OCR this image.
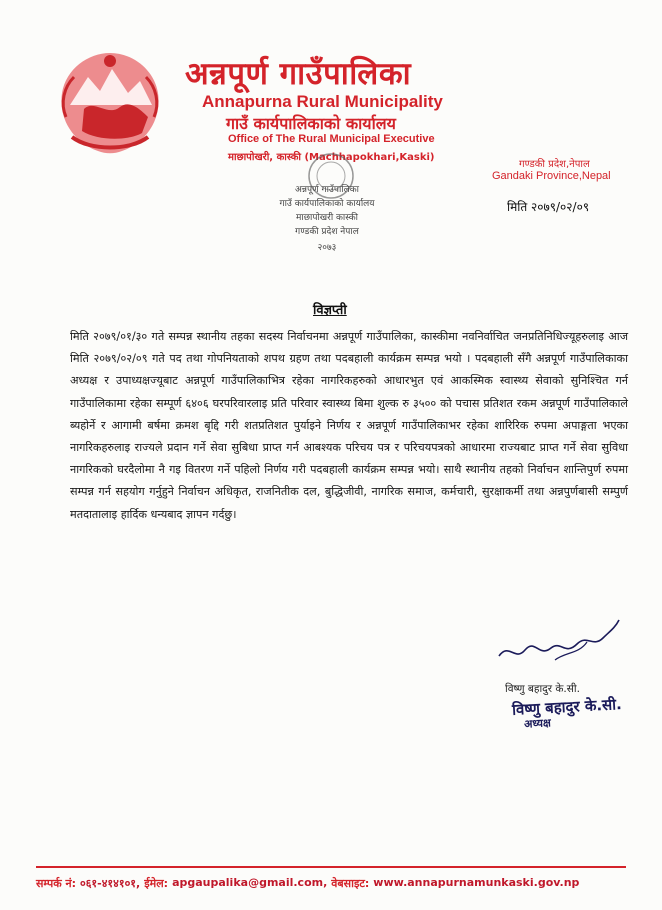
अन्नपूर्ण गाउँपालिका
Annapurna Rural Municipality
गाउँ कार्यपालिकाको कार्यालय
Office of The Rural Municipal Executive
माछापोखरी, कास्की (Machhapokhari,Kaski)
गण्डकी प्रदेश,नेपाल
Gandaki Province,Nepal
मिति २०७९/०२/०९
अन्नपूर्ण गाउँपालिका
गाउँ कार्यपालिकाको कार्यालय
माछापोखरी कास्की
गण्डकी प्रदेश नेपाल
२०७३
विज्ञप्ती
मिति २०७९/०१/३० गते सम्पन्न स्थानीय तहका सदस्य निर्वाचनमा अन्नपूर्ण गाउँपालिका, कास्कीमा नवनिर्वाचित जनप्रतिनिधिज्यूहरुलाइ आज मिति २०७९/०२/०९ गते पद तथा गोपनियताको शपथ ग्रहण तथा पदबहाली कार्यक्रम सम्पन्न भयो । पदबहाली सँगै अन्नपूर्ण गाउँपालिकाका अध्यक्ष र उपाध्यक्षज्यूबाट अन्नपूर्ण गाउँपालिकाभित्र रहेका नागरिकहरुको आधारभुत एवं आकस्मिक स्वास्थ्य सेवाको सुनिश्चित गर्न गाउँपालिकामा रहेका सम्पूर्ण ६४०६ घरपरिवारलाइ प्रति परिवार स्वास्थ्य बिमा शुल्क रु ३५०० को पचास प्रतिशत रकम अन्नपूर्ण गाउँपालिकाले ब्यहोर्ने र आगामी बर्षमा क्रमश बृद्दि गरी शतप्रतिशत पुर्याइने निर्णय र अन्नपूर्ण गाउँपालिकाभर रहेका शारिरिक रुपमा अपाङ्गता भएका नागरिकहरुलाइ राज्यले प्रदान गर्ने सेवा सुबिधा प्राप्त गर्न आबश्यक परिचय पत्र र परिचयपत्रको आधारमा राज्यबाट प्राप्त गर्ने सेवा सुविधा नागरिकको घरदैलोमा नै गइ वितरण गर्ने पहिलो निर्णय गरी पदबहाली कार्यक्रम सम्पन्न भयो। साथै स्थानीय तहको निर्वाचन शान्तिपुर्ण रुपमा सम्पन्न गर्न सहयोग गर्नुहुने निर्वाचन अधिकृत, राजनितीक दल, बुद्धिजीवी, नागरिक समाज, कर्मचारी, सुरक्षाकर्मी तथा अन्नपुर्णबासी सम्पुर्ण मतदातालाइ हार्दिक धन्यबाद ज्ञापन गर्दछु।
विष्णु बहादुर के.सी.
विष्णु बहादुर के.सी.
अध्यक्ष
सम्पर्क नं: ०६१-४१४१०१, ईमेल: apgaupalika@gmail.com, वेबसाइट: www.annapurnamunkaski.gov.np
